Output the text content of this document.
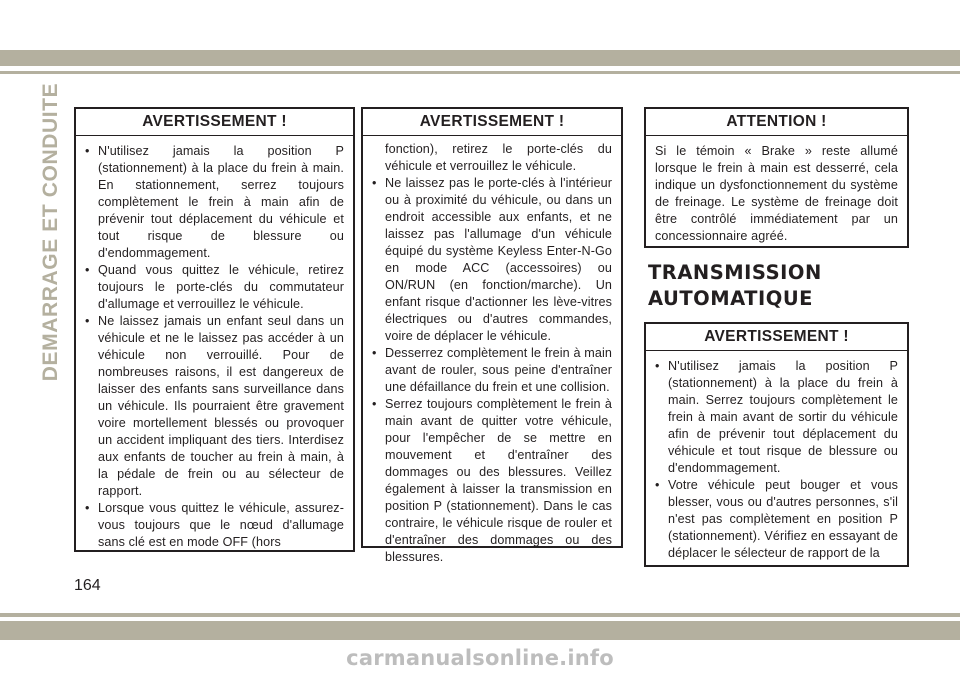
DEMARRAGE ET CONDUITE	AVERTISSEMENT !
• N'utilisez jamais la position P (stationnement) à la place du frein à main. En stationnement, serrez toujours complètement le frein à main afin de prévenir tout déplacement du véhicule et tout risque de blessure ou d'endommagement.
• Quand vous quittez le véhicule, retirez toujours le porte-clés du commutateur d'allumage et verrouillez le véhicule.
• Ne laissez jamais un enfant seul dans un véhicule et ne le laissez pas accéder à un véhicule non verrouillé. Pour de nombreuses raisons, il est dangereux de laisser des enfants sans surveillance dans un véhicule. Ils pourraient être gravement voire mortellement blessés ou provoquer un accident impliquant des tiers. Interdisez aux enfants de toucher au frein à main, à la pédale de frein ou au sélecteur de rapport.
• Lorsque vous quittez le véhicule, assurez-vous toujours que le nœud d'allumage sans clé est en mode OFF (hors
AVERTISSEMENT !
fonction), retirez le porte-clés du véhicule et verrouillez le véhicule.
• Ne laissez pas le porte-clés à l'intérieur ou à proximité du véhicule, ou dans un endroit accessible aux enfants, et ne laissez pas l'allumage d'un véhicule équipé du système Keyless Enter-N-Go en mode ACC (accessoires) ou ON/RUN (en fonction/marche). Un enfant risque d'actionner les lève-vitres électriques ou d'autres commandes, voire de déplacer le véhicule.
• Desserrez complètement le frein à main avant de rouler, sous peine d'entraîner une défaillance du frein et une collision.
• Serrez toujours complètement le frein à main avant de quitter votre véhicule, pour l'empêcher de se mettre en mouvement et d'entraîner des dommages ou des blessures. Veillez également à laisser la transmission en position P (stationnement). Dans le cas contraire, le véhicule risque de rouler et d'entraîner des dommages ou des blessures.
ATTENTION !

Si le témoin « Brake » reste allumé lorsque le frein à main est desserré, cela indique un dysfonctionnement du système de freinage. Le système de freinage doit être contrôlé immédiatement par un concessionnaire agréé.

TRANSMISSION
AUTOMATIQUE
AVERTISSEMENT !
• N'utilisez jamais la position P (stationnement) à la place du frein à main. Serrez toujours complètement le frein à main avant de sortir du véhicule afin de prévenir tout déplacement du véhicule et tout risque de blessure ou d'endommagement.
• Votre véhicule peut bouger et vous blesser, vous ou d'autres personnes, s'il n'est pas complètement en position P (stationnement). Vérifiez en essayant de déplacer le sélecteur de rapport de la
164
carmanualsonline.info
